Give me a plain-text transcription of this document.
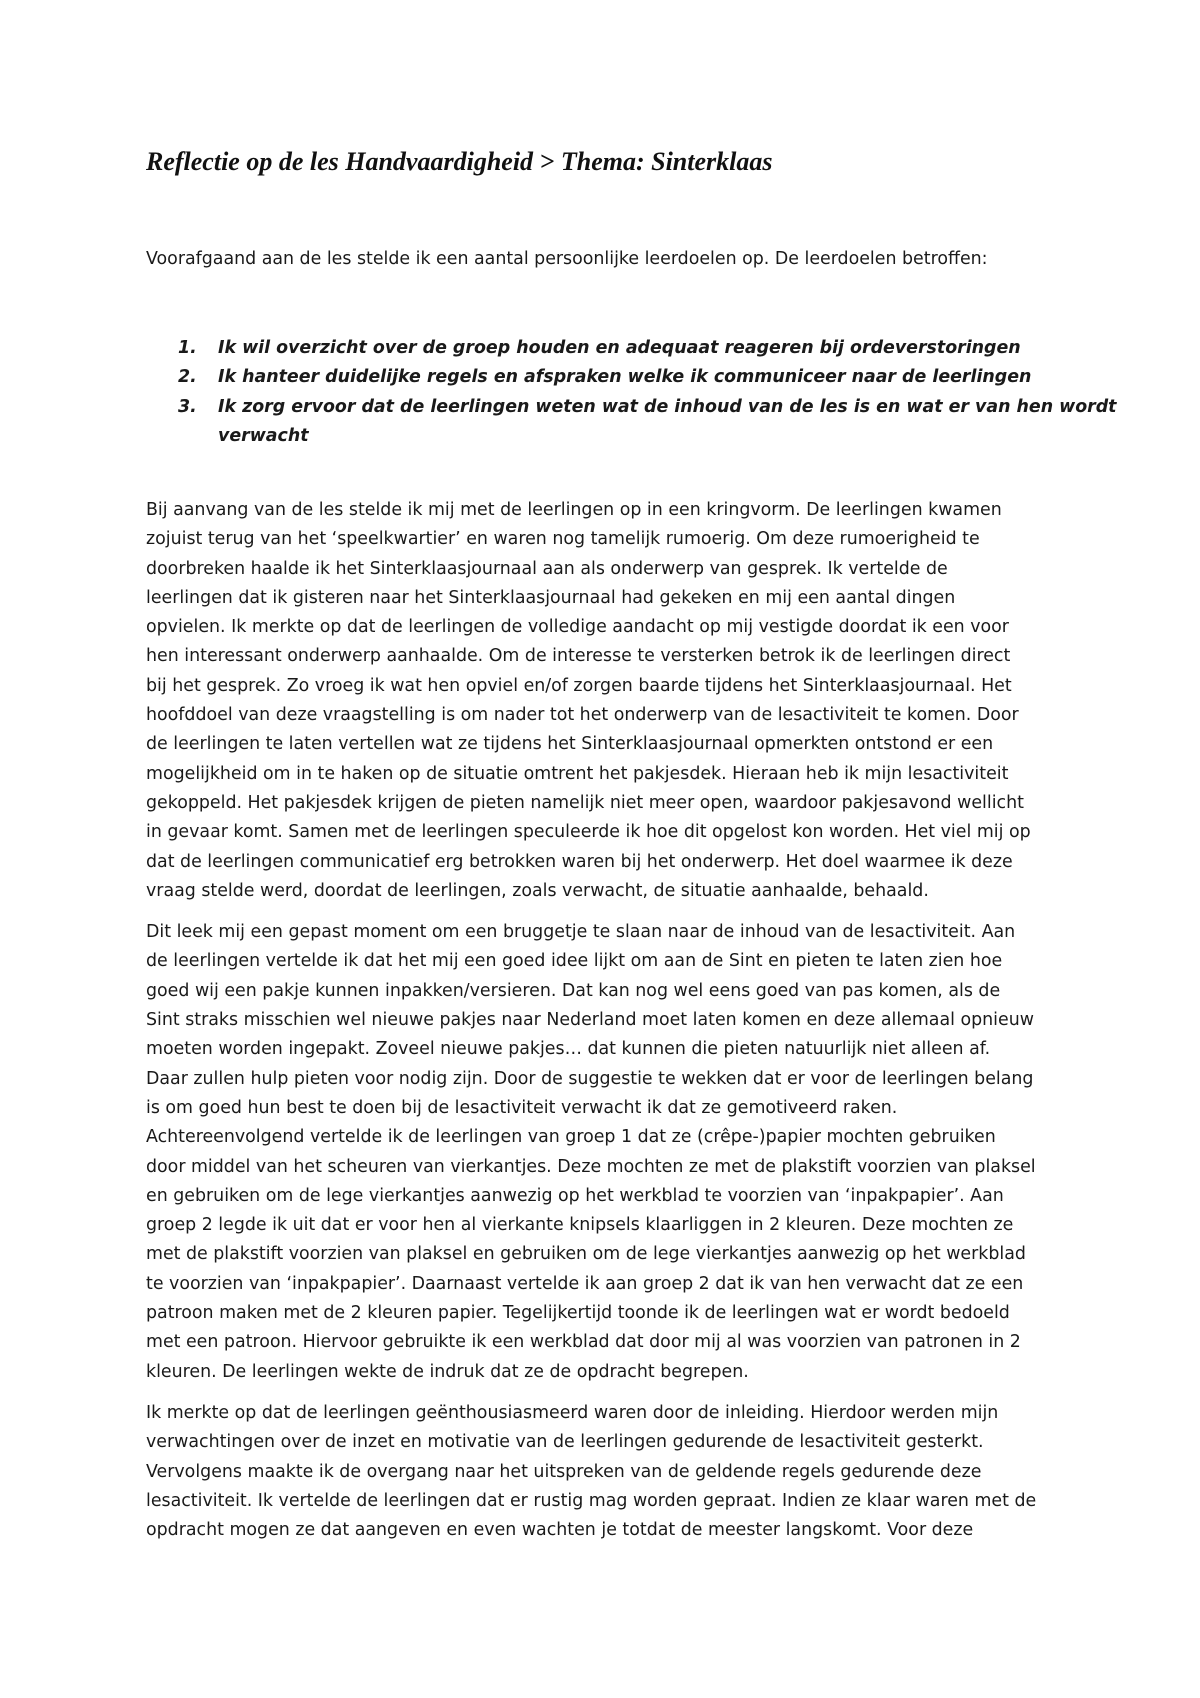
Reflectie op de les Handvaardigheid > Thema: Sinterklaas

Voorafgaand aan de les stelde ik een aantal persoonlijke leerdoelen op. De leerdoelen betroffen:

1. Ik wil overzicht over de groep houden en adequaat reageren bij ordeverstoringen
2. Ik hanteer duidelijke regels en afspraken welke ik communiceer naar de leerlingen
3. Ik zorg ervoor dat de leerlingen weten wat de inhoud van de les is en wat er van hen wordt
verwacht

Bij aanvang van de les stelde ik mij met de leerlingen op in een kringvorm. De leerlingen kwamen
zojuist terug van het ‘speelkwartier’ en waren nog tamelijk rumoerig. Om deze rumoerigheid te
doorbreken haalde ik het Sinterklaasjournaal aan als onderwerp van gesprek. Ik vertelde de
leerlingen dat ik gisteren naar het Sinterklaasjournaal had gekeken en mij een aantal dingen
opvielen. Ik merkte op dat de leerlingen de volledige aandacht op mij vestigde doordat ik een voor
hen interessant onderwerp aanhaalde. Om de interesse te versterken betrok ik de leerlingen direct
bij het gesprek. Zo vroeg ik wat hen opviel en/of zorgen baarde tijdens het Sinterklaasjournaal. Het
hoofddoel van deze vraagstelling is om nader tot het onderwerp van de lesactiviteit te komen. Door
de leerlingen te laten vertellen wat ze tijdens het Sinterklaasjournaal opmerkten ontstond er een
mogelijkheid om in te haken op de situatie omtrent het pakjesdek. Hieraan heb ik mijn lesactiviteit
gekoppeld. Het pakjesdek krijgen de pieten namelijk niet meer open, waardoor pakjesavond wellicht
in gevaar komt. Samen met de leerlingen speculeerde ik hoe dit opgelost kon worden. Het viel mij op
dat de leerlingen communicatief erg betrokken waren bij het onderwerp. Het doel waarmee ik deze
vraag stelde werd, doordat de leerlingen, zoals verwacht, de situatie aanhaalde, behaald.

Dit leek mij een gepast moment om een bruggetje te slaan naar de inhoud van de lesactiviteit. Aan
de leerlingen vertelde ik dat het mij een goed idee lijkt om aan de Sint en pieten te laten zien hoe
goed wij een pakje kunnen inpakken/versieren. Dat kan nog wel eens goed van pas komen, als de
Sint straks misschien wel nieuwe pakjes naar Nederland moet laten komen en deze allemaal opnieuw
moeten worden ingepakt. Zoveel nieuwe pakjes… dat kunnen die pieten natuurlijk niet alleen af.
Daar zullen hulp pieten voor nodig zijn. Door de suggestie te wekken dat er voor de leerlingen belang
is om goed hun best te doen bij de lesactiviteit verwacht ik dat ze gemotiveerd raken.
Achtereenvolgend vertelde ik de leerlingen van groep 1 dat ze (crêpe-)papier mochten gebruiken
door middel van het scheuren van vierkantjes. Deze mochten ze met de plakstift voorzien van plaksel
en gebruiken om de lege vierkantjes aanwezig op het werkblad te voorzien van ‘inpakpapier’. Aan
groep 2 legde ik uit dat er voor hen al vierkante knipsels klaarliggen in 2 kleuren. Deze mochten ze
met de plakstift voorzien van plaksel en gebruiken om de lege vierkantjes aanwezig op het werkblad
te voorzien van ‘inpakpapier’. Daarnaast vertelde ik aan groep 2 dat ik van hen verwacht dat ze een
patroon maken met de 2 kleuren papier. Tegelijkertijd toonde ik de leerlingen wat er wordt bedoeld
met een patroon. Hiervoor gebruikte ik een werkblad dat door mij al was voorzien van patronen in 2
kleuren. De leerlingen wekte de indruk dat ze de opdracht begrepen.

Ik merkte op dat de leerlingen geënthousiasmeerd waren door de inleiding. Hierdoor werden mijn
verwachtingen over de inzet en motivatie van de leerlingen gedurende de lesactiviteit gesterkt.
Vervolgens maakte ik de overgang naar het uitspreken van de geldende regels gedurende deze
lesactiviteit. Ik vertelde de leerlingen dat er rustig mag worden gepraat. Indien ze klaar waren met de
opdracht mogen ze dat aangeven en even wachten je totdat de meester langskomt. Voor deze
